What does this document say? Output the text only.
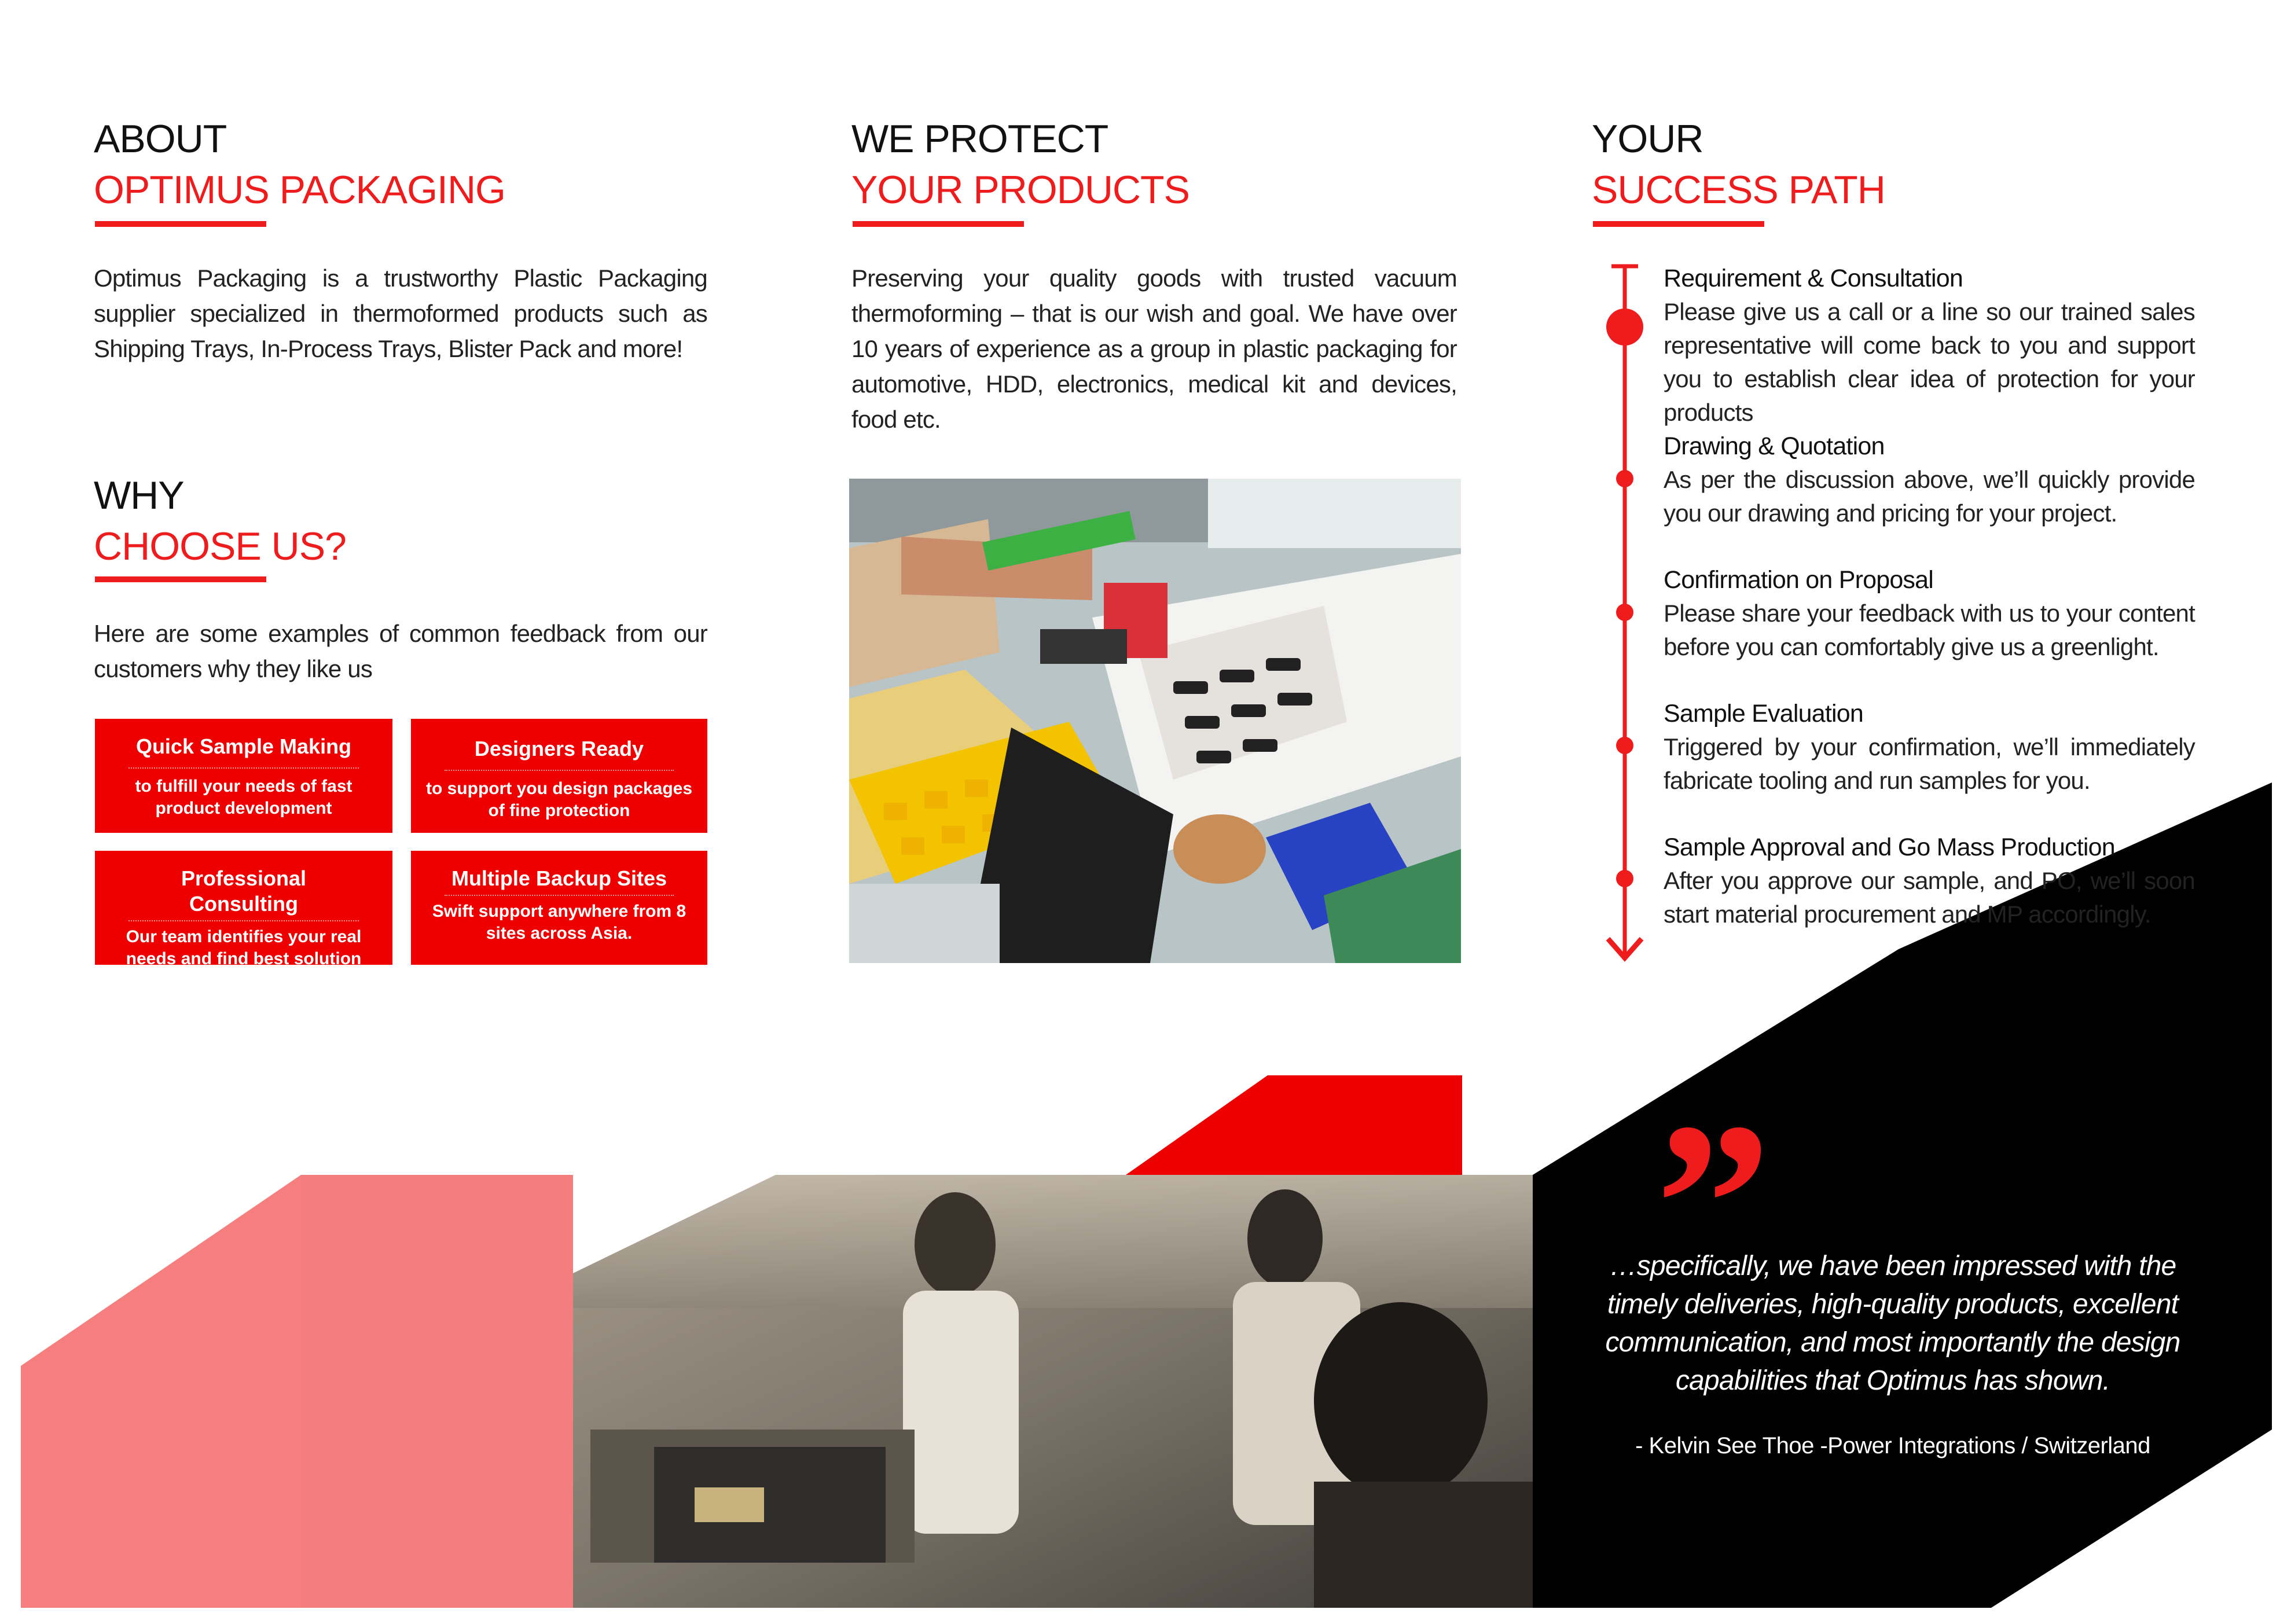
ABOUT
OPTIMUS PACKAGING
Optimus Packaging is a trustworthy Plastic Packaging supplier specialized in thermoformed products such as Shipping Trays, In-Process Trays, Blister Pack and more!
WHY
CHOOSE US?
Here are some examples of common feedback from our customers why they like us
Quick Sample Making
to fulfill your needs of fast product development
Designers Ready
to support you design packages of fine protection
Professional Consulting
Our team identifies your real needs and find best solution
Multiple Backup Sites
Swift support anywhere from 8 sites across Asia.
WE PROTECT
YOUR PRODUCTS
Preserving your quality goods with trusted vacuum thermoforming – that is our wish and goal. We have over 10 years of experience as a group in plastic packaging for automotive, HDD, electronics, medical kit and devices, food etc.
YOUR
SUCCESS PATH
Requirement & Consultation
Please give us a call or a line so our trained sales representative will come back to you and support you to establish clear idea of protection for your products
Drawing & Quotation
As per the discussion above, we’ll quickly provide you our drawing and pricing for your project.
Confirmation on Proposal
Please share your feedback with us to your content before you can comfortably give us a greenlight.
Sample Evaluation
Triggered by your confirmation, we’ll immediately fabricate tooling and run samples for you.
Sample Approval and Go Mass Production
After you approve our sample, and PO, we’ll soon start material procurement and MP accordingly.
”
…specifically, we have been impressed with the timely deliveries, high-quality products, excellent communication, and most importantly the design capabilities that Optimus has shown.
- Kelvin See Thoe -Power Integrations / Switzerland
